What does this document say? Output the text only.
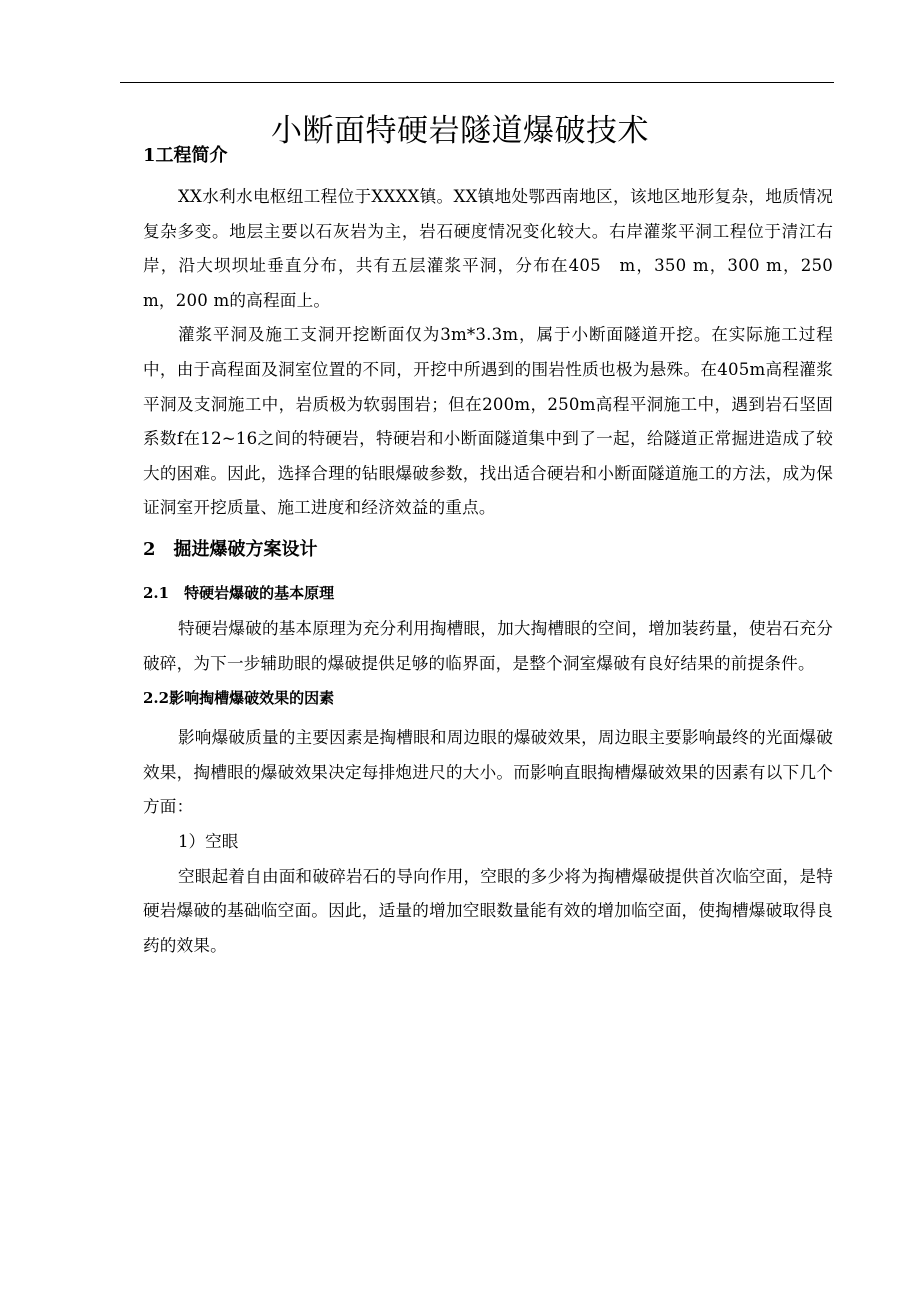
小断面特硬岩隧道爆破技术
1工程简介

XX水利水电枢纽工程位于XXXX镇。XX镇地处鄂西南地区，该地区地形复杂，地质情况复杂多变。地层主要以石灰岩为主，岩石硬度情况变化较大。右岸灌浆平洞工程位于清江右岸，沿大坝坝址垂直分布，共有五层灌浆平洞，分布在405　m，350 m，300 m，250 m，200 m的高程面上。

灌浆平洞及施工支洞开挖断面仅为3m*3.3m，属于小断面隧道开挖。在实际施工过程中，由于高程面及洞室位置的不同，开挖中所遇到的围岩性质也极为悬殊。在405m高程灌浆平洞及支洞施工中，岩质极为软弱围岩；但在200m，250m高程平洞施工中，遇到岩石坚固系数f在12~16之间的特硬岩，特硬岩和小断面隧道集中到了一起，给隧道正常掘进造成了较大的困难。因此，选择合理的钻眼爆破参数，找出适合硬岩和小断面隧道施工的方法，成为保证洞室开挖质量、施工进度和经济效益的重点。

2　掘进爆破方案设计
2.1　特硬岩爆破的基本原理

特硬岩爆破的基本原理为充分利用掏槽眼，加大掏槽眼的空间，增加装药量，使岩石充分破碎，为下一步辅助眼的爆破提供足够的临界面，是整个洞室爆破有良好结果的前提条件。

2.2影响掏槽爆破效果的因素

影响爆破质量的主要因素是掏槽眼和周边眼的爆破效果，周边眼主要影响最终的光面爆破效果，掏槽眼的爆破效果决定每排炮进尺的大小。而影响直眼掏槽爆破效果的因素有以下几个方面：

1）空眼

空眼起着自由面和破碎岩石的导向作用，空眼的多少将为掏槽爆破提供首次临空面，是特硬岩爆破的基础临空面。因此，适量的增加空眼数量能有效的增加临空面，使掏槽爆破取得良药的效果。
